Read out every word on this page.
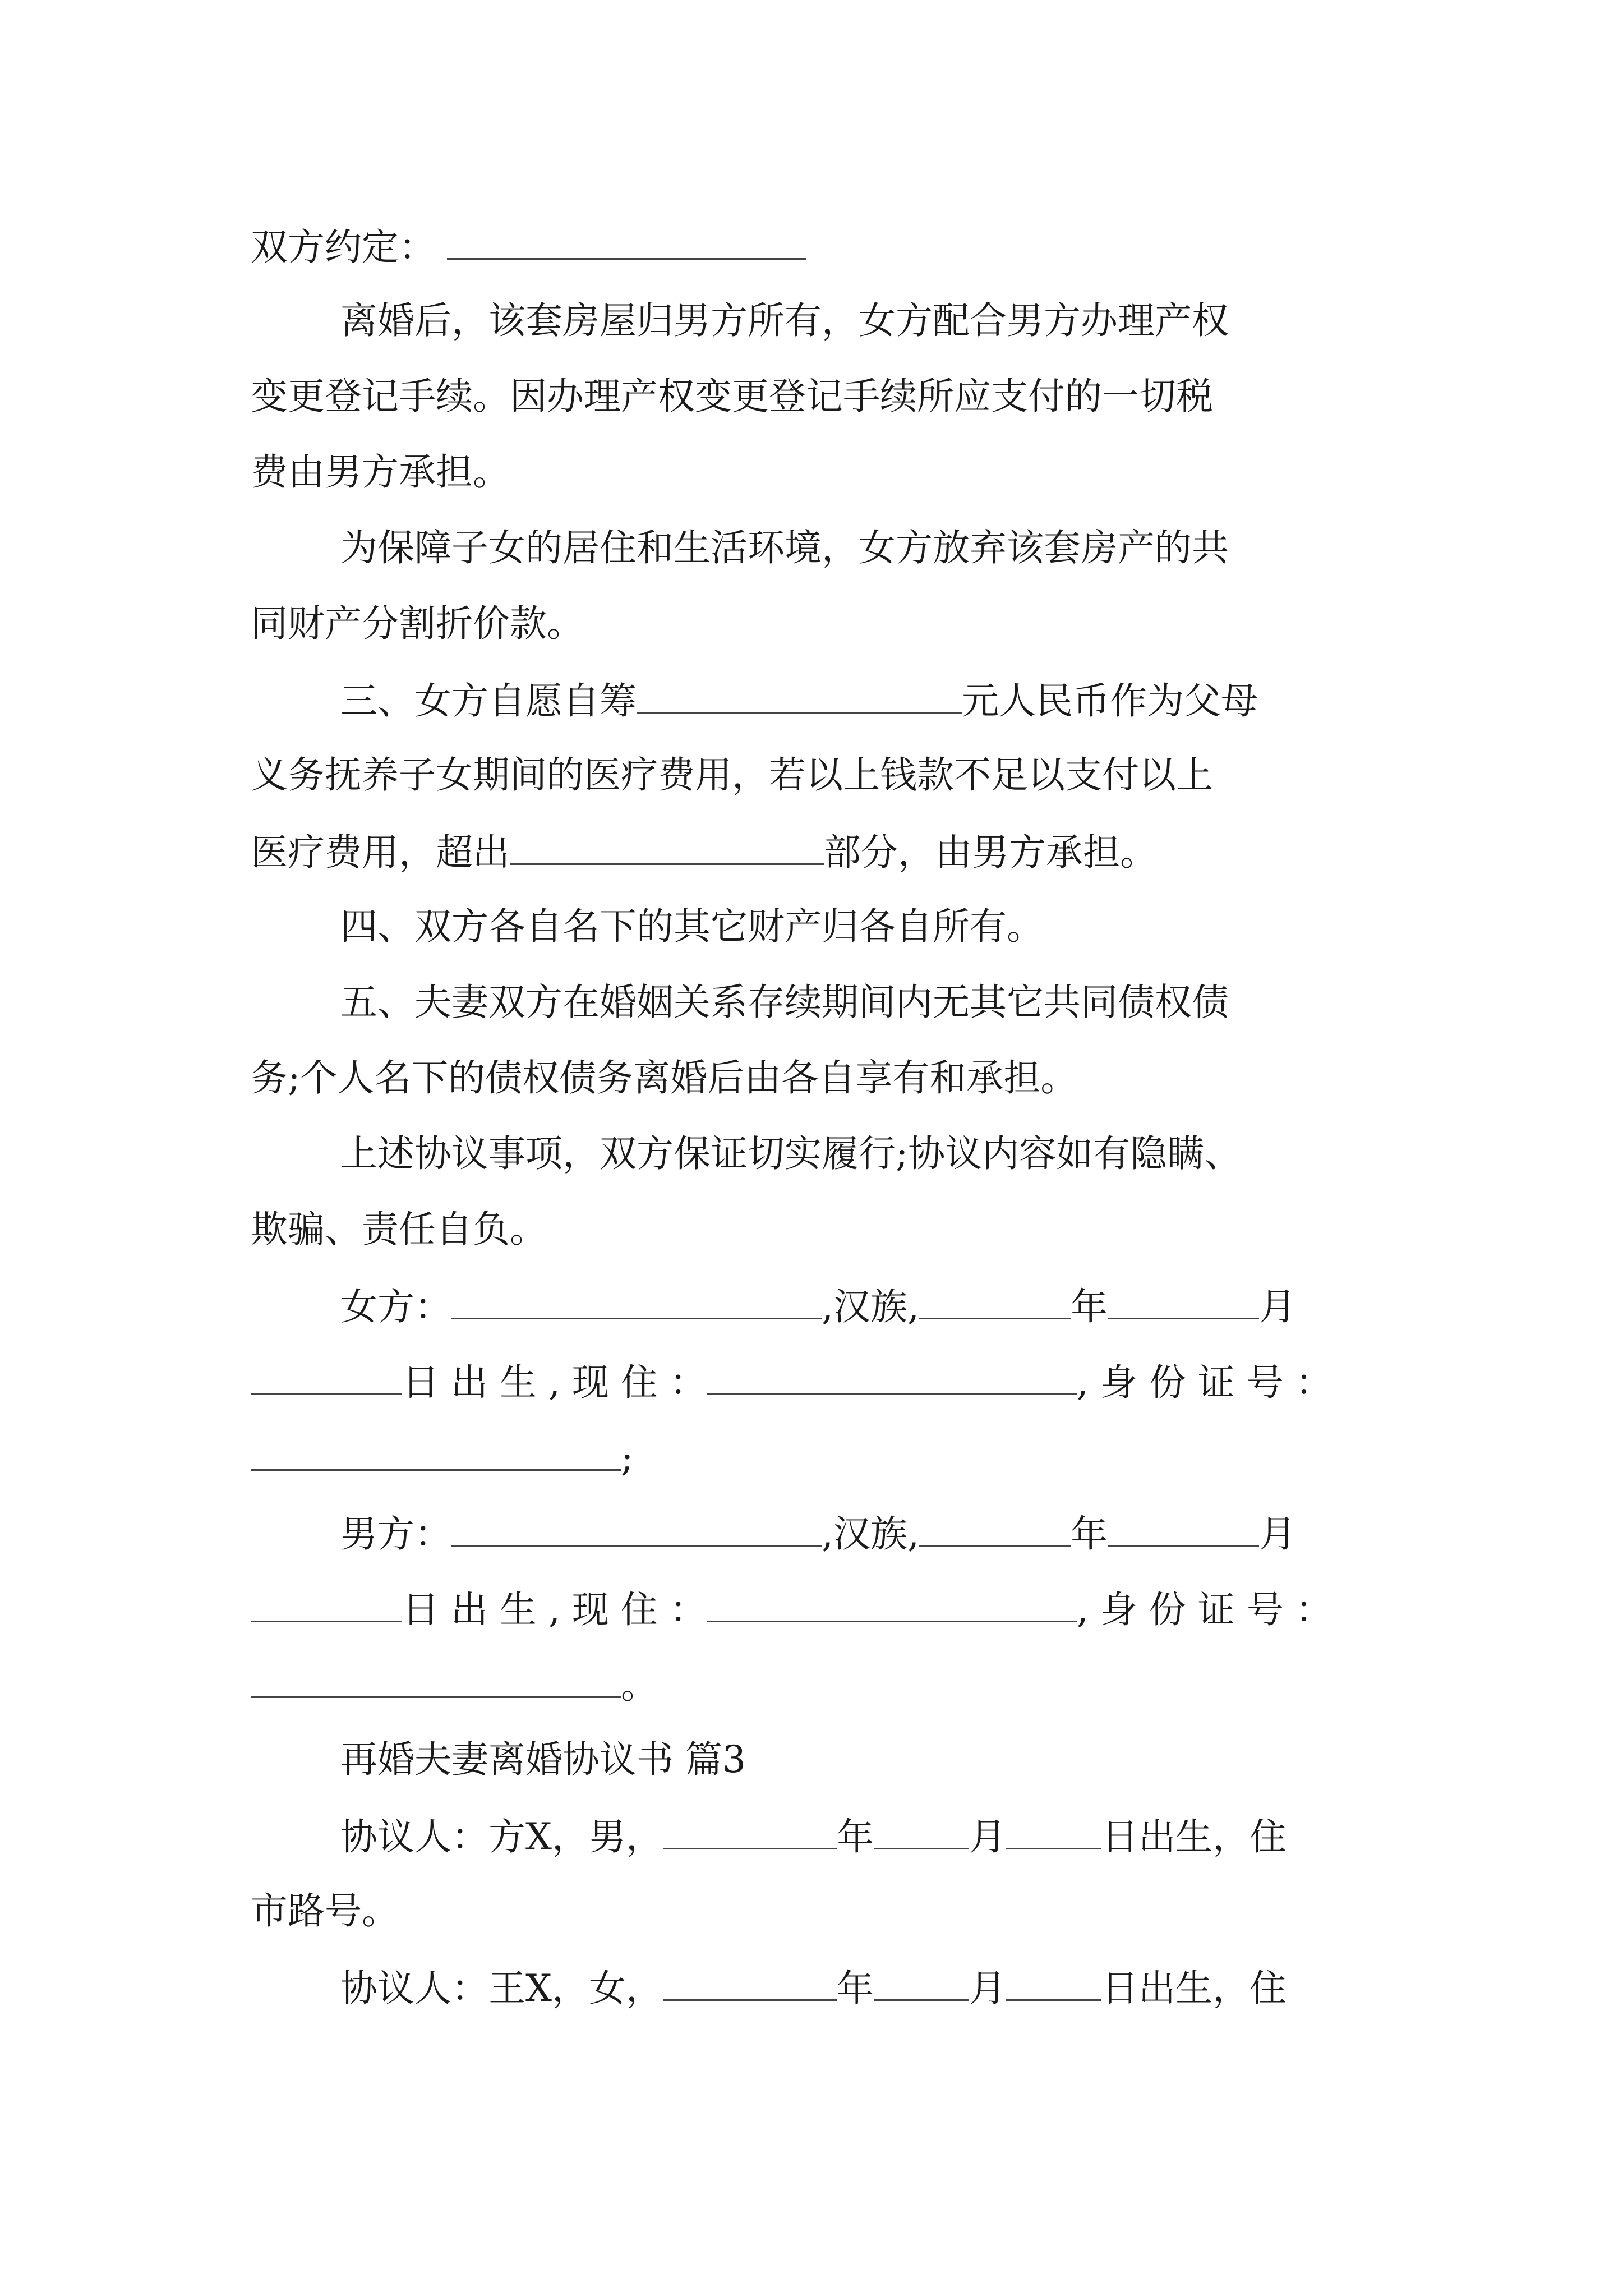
双方约定：
离婚后，该套房屋归男方所有，女方配合男方办理产权
变更登记手续。因办理产权变更登记手续所应支付的一切税
费由男方承担。
为保障子女的居住和生活环境，女方放弃该套房产的共
同财产分割折价款。
三、女方自愿自筹	元人民币作为父母
义务抚养子女期间的医疗费用，若以上钱款不足以支付以上
医疗费用，超出	部分，由男方承担。
四、双方各自名下的其它财产归各自所有。
五、夫妻双方在婚姻关系存续期间内无其它共同债权债
务;个人名下的债权债务离婚后由各自享有和承担。
上述协议事项，双方保证切实履行;协议内容如有隐瞒、
欺骗、责任自负。
女方：	,汉族,	年	月
日 出 生 , 现 住 ：	, 身 份 证 号 ：
;
男方：	,汉族,	年	月
日 出 生 , 现 住 ：	, 身 份 证 号 ：
。
再婚夫妻离婚协议书 篇3
协议人：方X，男，	年	月	日出生，住
市路号。
协议人：王X，女，	年	月	日出生，住
